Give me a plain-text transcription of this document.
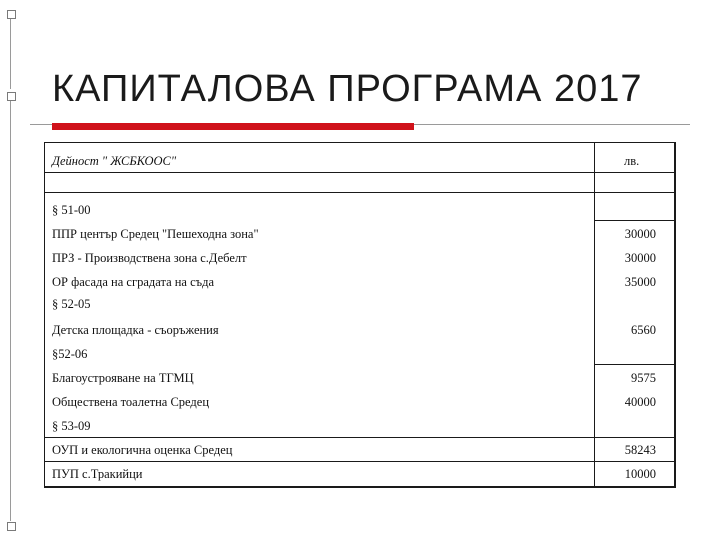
КАПИТАЛОВА ПРОГРАМА 2017
Дейност " ЖСБКООС"	лв.
§ 51-00
ППР център Средец "Пешеходна зона"	30000
ПРЗ - Производствена зона с.Дебелт	30000
ОР фасада на сградата на съда	35000
§ 52-05
Детска площадка - съоръжения	6560
§52-06
Благоустрояване на ТГМЦ	9575
Обществена тоалетна Средец	40000
§ 53-09
ОУП и екологична оценка Средец	58243
ПУП с.Тракийци	10000
